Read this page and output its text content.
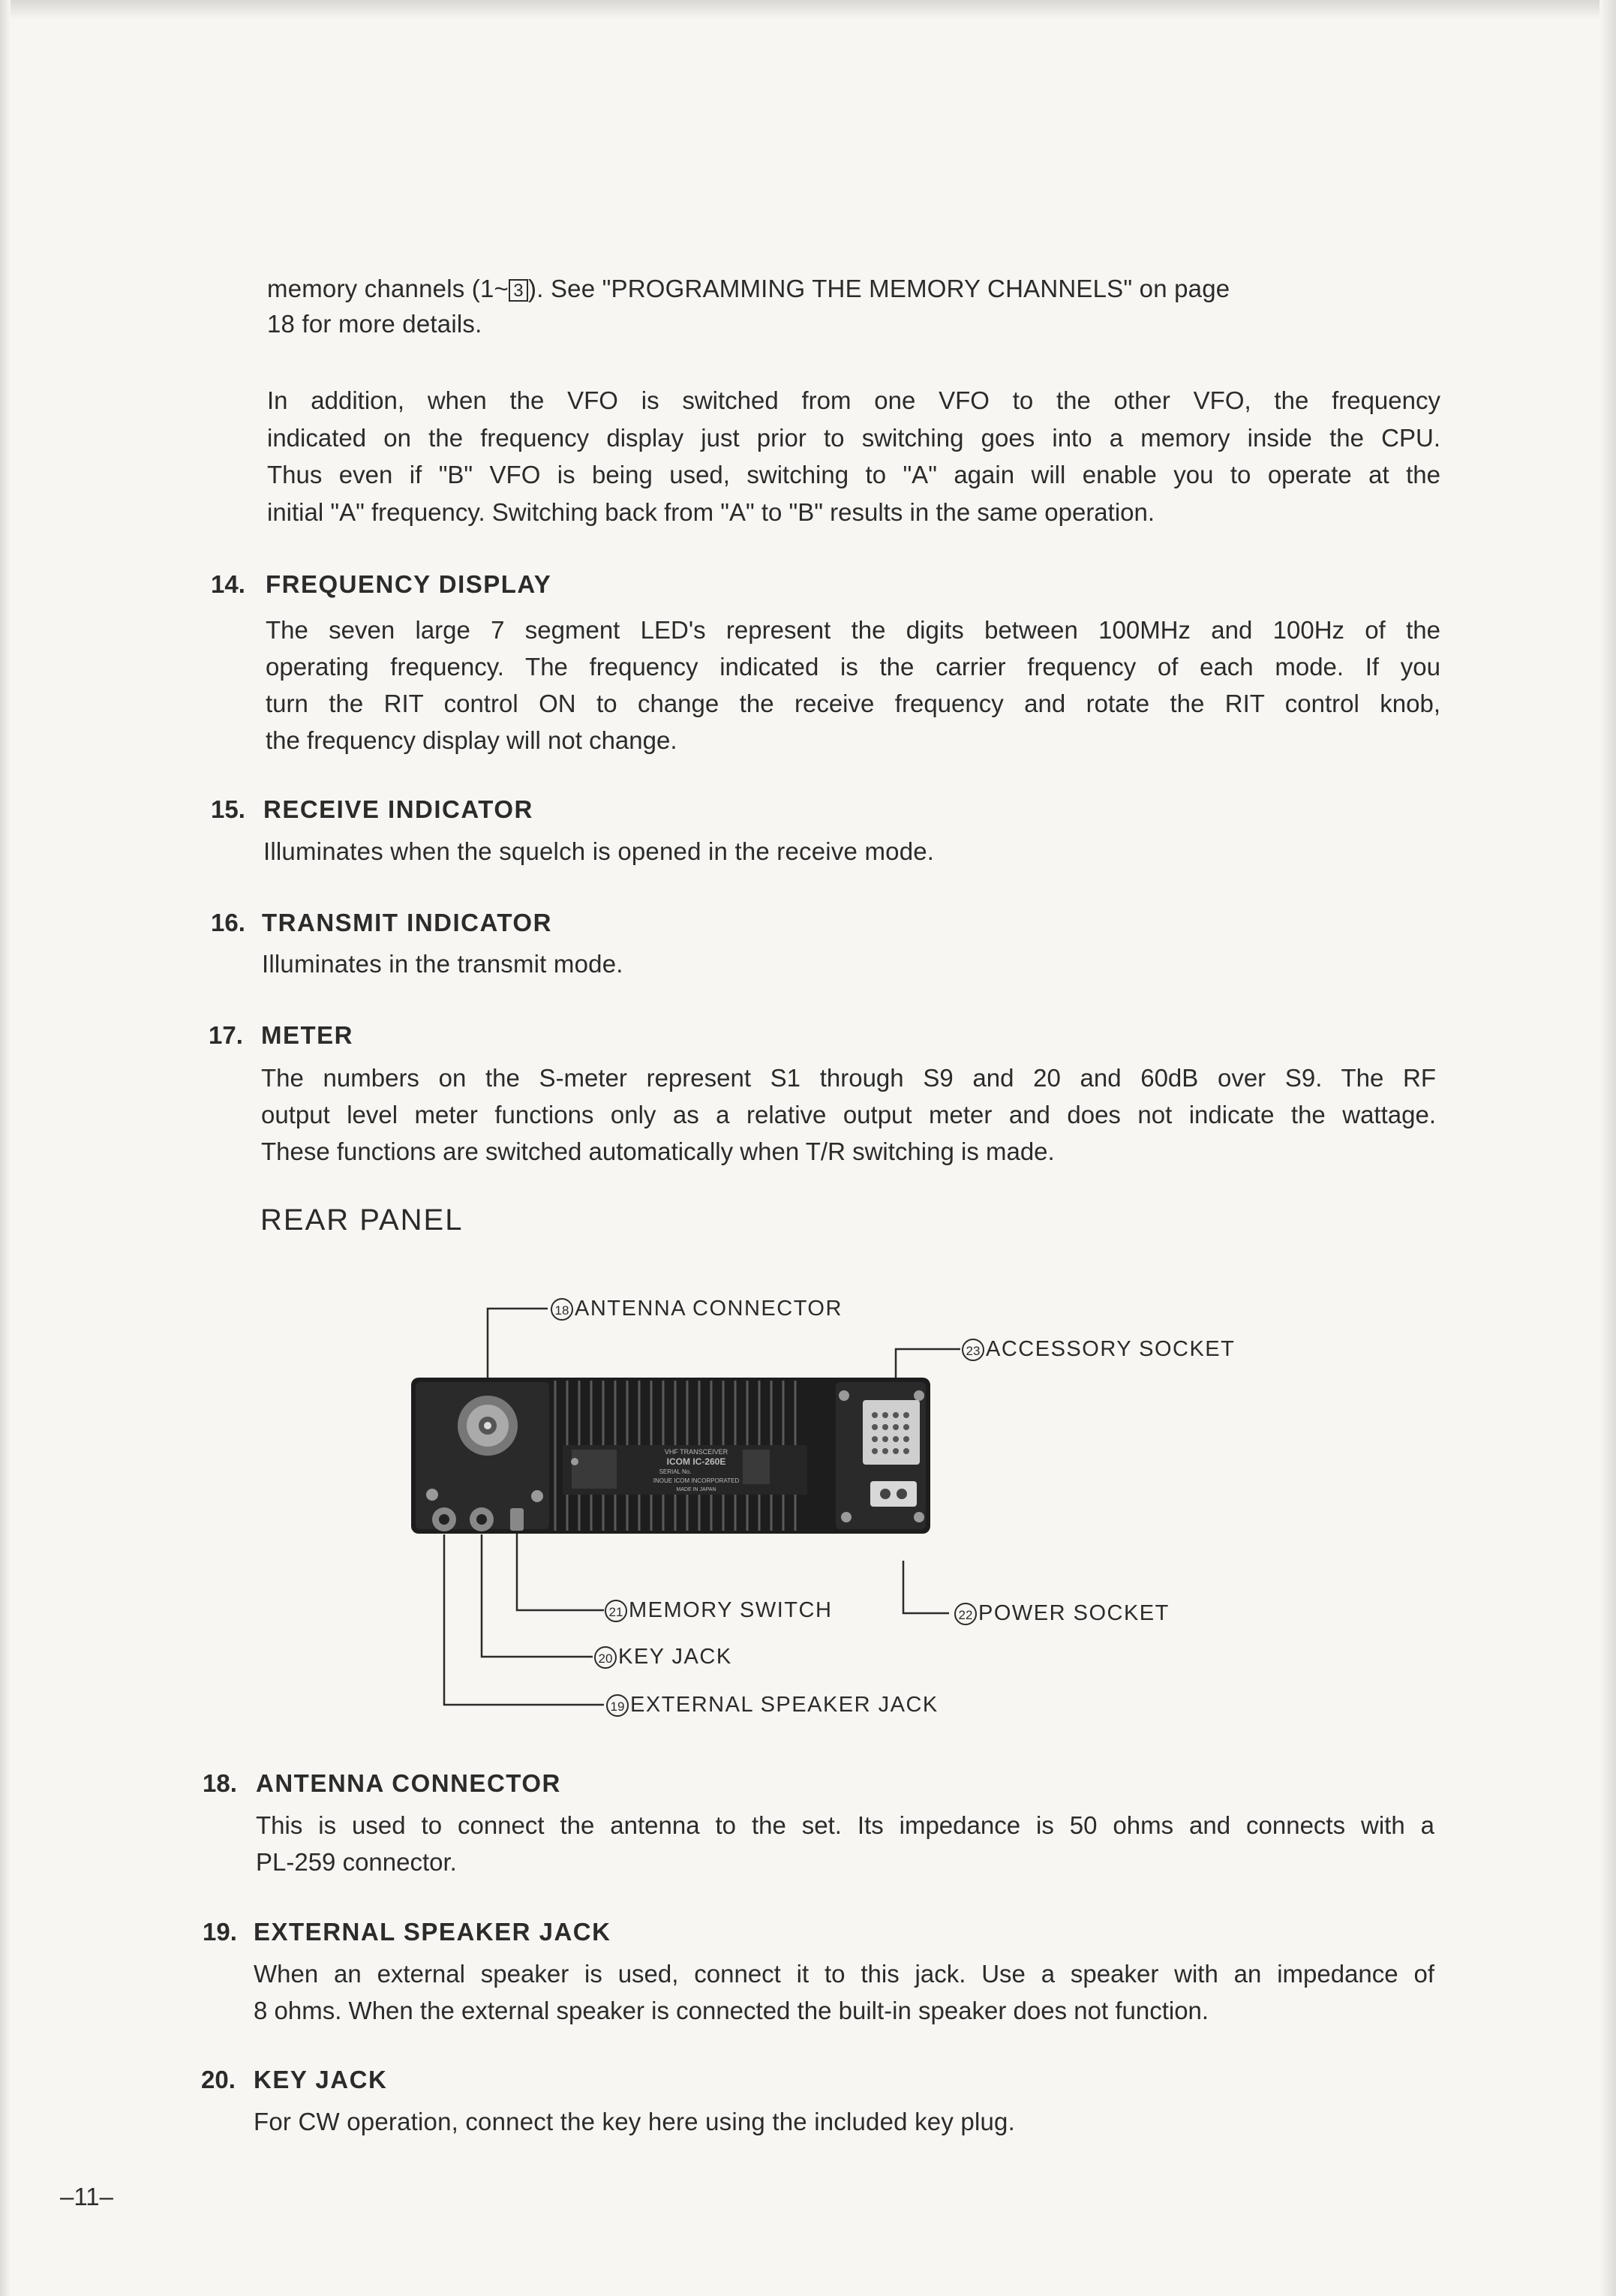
memory channels (1~ 3 ). See "PROGRAMMING THE MEMORY CHANNELS" on page
18 for more details.
In addition, when the VFO is switched from one VFO to the other VFO, the frequency
indicated on the frequency display just prior to switching goes into a memory inside the CPU.
Thus even if "B" VFO is being used, switching to "A" again will enable you to operate at the
initial "A" frequency. Switching back from "A" to "B" results in the same operation.
14. FREQUENCY DISPLAY
The seven large 7 segment LED's represent the digits between 100MHz and 100Hz of the
operating frequency. The frequency indicated is the carrier frequency of each mode. If you
turn the RIT control ON to change the receive frequency and rotate the RIT control knob,
the frequency display will not change.
15. RECEIVE INDICATOR
Illuminates when the squelch is opened in the receive mode.
16. TRANSMIT INDICATOR
Illuminates in the transmit mode.
17. METER
The numbers on the S-meter represent S1 through S9 and 20 and 60dB over S9. The RF
output level meter functions only as a relative output meter and does not indicate the wattage.
These functions are switched automatically when T/R switching is made.
REAR PANEL
VHF TRANSCEIVER
ICOM IC-260E
SERIAL No.
INOUE ICOM INCORPORATED
MADE IN JAPAN
18 ANTENNA CONNECTOR
23 ACCESSORY SOCKET
21 MEMORY SWITCH	22 POWER SOCKET
20 KEY JACK
19 EXTERNAL SPEAKER JACK
18. ANTENNA CONNECTOR
This is used to connect the antenna to the set. Its impedance is 50 ohms and connects with a
PL-259 connector.
19. EXTERNAL SPEAKER JACK
When an external speaker is used, connect it to this jack. Use a speaker with an impedance of
8 ohms. When the external speaker is connected the built-in speaker does not function.
20. KEY JACK
For CW operation, connect the key here using the included key plug.
–11–
